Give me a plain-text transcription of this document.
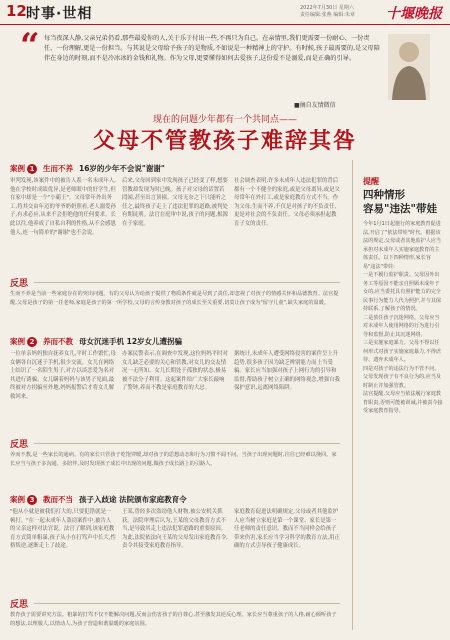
12 时事·世相	2022年7月30日 星期六
责任编辑:张燕 编辑:朱章	十堰晚报
“ 每当夜深人静,父亲兄弟仍看,那些最爱你的人,关于乐于付出一些,不再只为自己。在亲情里,我们更需要一份耐心、一份责任、一份理解,更是一份担当。与其说是父母给予孩子的是物质,不如说是一种精神上的守护。有时候,孩子最需要的,是父母陪伴在身边的时刻,而不是冷冰冰的金钱和礼物。作为父母,更要懂得如何去爱孩子,这份爱不是溺爱,而是正确的引导。
■摘自友情微信
现在的问题少年都有一个共同点——
父母不管教孩子难辞其咎
案例 1 生而不养 16岁的少年不会说"谢谢"
审判发现,该案件中的被告人系一名未成年人,他在学校时成绩优异,是老师眼中的好学生,但在家中却是一个"小霸王"。父母常年外出务工,将其交由年迈的爷爷奶奶照看,老人溺爱孙子,有求必应,从来不会拒绝他的任何要求。长此以往,他养成了自私自利的性格,从不会感恩他人,连一句简单的"谢谢"也不会说。
后来,父母回到家中发现孩子已经变了样,想要管教却发现为时已晚。孩子对父母的话置若罔闻,甚至出言顶撞。父母无奈之下只能听之任之,最终孩子走上了违法犯罪的道路,被判处有期徒刑。法官在庭审中说,孩子的问题,根源在于家庭。
社会调查表明,许多未成年人违法犯罪的背后都有一个不健全的家庭,或是父母离异,或是父母常年在外打工,或是家庭教育方式不当。作为父母,生而不养,不仅是对孩子的不负责任,更是对社会的不负责任。父母必须承担起教育子女的责任。
反思
生而不养是当前一些家庭存在的突出问题。有的父母认为给孩子提供了物质条件就是尽到了责任,却忽视了对孩子的情感关怀和品德教育。法官提醒,父母是孩子的第一任老师,家庭是孩子的第一所学校,父母的言传身教对孩子的成长至关重要,切莫让孩子成为"留守儿童",缺失家庭的温暖。
案例 2 养而不教 母女沉迷手机 12岁女儿遭拐骗
一位单亲妈妈独自抚养女儿,平时工作繁忙,母女俩各自沉迷于手机,很少交流。女儿在网络上结识了一名陌生男子,对方以谈恋爱为名对其进行诱骗。女儿瞒着妈妈与该男子见面,最终被对方拐骗至外地,妈妈报警后才将女儿解救回来。
办案民警表示,在调查中发现,这位妈妈平时对女儿缺乏必要的关心和管教,对女儿的交友情况一无所知。女儿长期处于孤独的状态,极易被不法分子利用。这起案件给广大家长敲响了警钟,养而不教是家庭教育的大忌。
据统计,未成年人遭受网络侵害的案件呈上升趋势,很多孩子因为缺乏辨别能力而上当受骗。家长应当加强对孩子上网行为的引导和监督,帮助孩子树立正确的网络观念,增强自我保护意识,远离网络陷阱。
反思
养而不教,是一些家长的通病。有的家长只管孩子吃饱穿暖,却对孩子的思想动态和行为习惯不闻不问。当孩子出现问题时,往往已经难以挽回。家长应当与孩子多沟通、多陪伴,及时发现孩子成长中出现的问题,做孩子成长路上的引路人。
案例 3 教而不当 孩子入歧途 法院颁布家庭教育令
"他从小就是被我们打大的,只要犯错就是一顿打。"在一起未成年人盗窃案件中,被告人的父亲这样对法官说。法官了解到,该家庭教育方式简单粗暴,孩子从小在打骂声中长大,性格叛逆,逐渐走上了歧途。
王某,曾经多次盗窃他人财物,被公安机关抓获。法院审理后认为,王某的父母教育方式不当,是导致其走上违法犯罪道路的重要原因。为此,法院依法向王某的父母发出家庭教育令,责令其接受家庭教育指导。
家庭教育促进法明确规定,父母或者其他监护人应当树立家庭是第一个课堂、家长是第一任老师的责任意识。教而不当同样会给孩子带来伤害,家长应当学习科学的教育方法,用正确的方式引导孩子健康成长。
反思
教育孩子需要讲究方法。粗暴的打骂不仅不能解决问题,反而会伤害孩子的自尊心,甚至激发其逆反心理。家长应当尊重孩子的人格,耐心倾听孩子的想法,以理服人,以情动人,为孩子营造和谐温暖的家庭氛围。
提醒
四种情形
容易"违法"带娃
今年1月1日起施行的家庭教育促进法,开启了"依法带娃"时代。根据该法的规定,父母或者其他监护人应当承担对未成年人实施家庭教育的主体责任。以下四种情形,家长容易"违法"带娃:
一是不履行监护职责。父母因外出务工等原因不能亲自照顾未成年子女的,应当委托具有照护能力的完全民事行为能力人代为照护,并与其保持联系,了解孩子的情况。
二是放任孩子沉迷网络。父母应当对未成年人使用网络的行为进行引导和监督,防止其沉迷网络。
三是实施家庭暴力。父母不得以任何形式对孩子实施家庭暴力,不得虐待、遗弃未成年人。
四是对孩子的违法行为不管不问。父母发现孩子有不良行为的,应当及时制止并加强管教。
法官提醒,父母应当依法履行家庭教育职责,否则可能被训诫,并被责令接受家庭教育指导。
